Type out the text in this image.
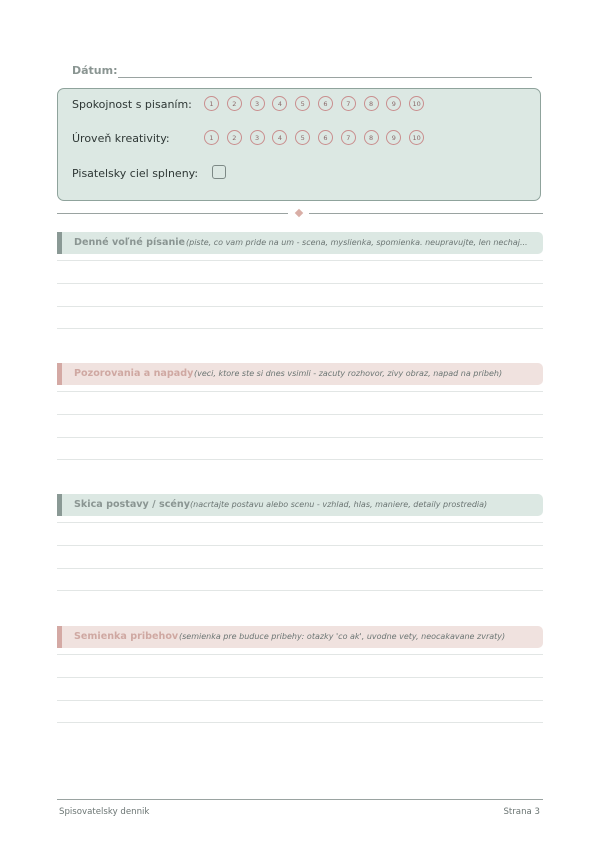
Dátum:
Spokojnost s pisaním:	1	2	3	4	5	6	7	8	9	10
Úroveň kreativity:	1	2	3	4	5	6	7	8	9	10
Pisatelsky ciel splneny:
Denné voľné písanie (piste, co vam pride na um - scena, myslienka, spomienka. neupravujte, len nechaj...
Pozorovania a napady (veci, ktore ste si dnes vsimli - zacuty rozhovor, zivy obraz, napad na pribeh)
Skica postavy / scény (nacrtajte postavu alebo scenu - vzhlad, hlas, maniere, detaily prostredia)
Semienka pribehov (semienka pre buduce pribehy: otazky 'co ak', uvodne vety, neocakavane zvraty)
Spisovatelsky dennik	Strana 3
